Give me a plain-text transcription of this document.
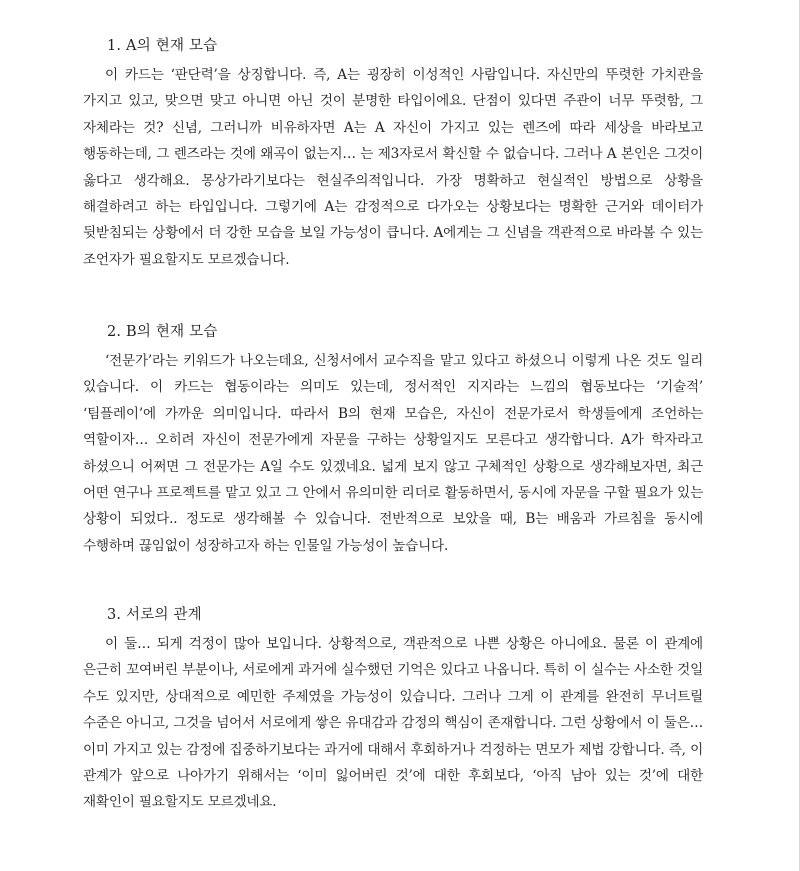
1. A의 현재 모습

이 카드는 ‘판단력’을 상징합니다. 즉, A는 굉장히 이성적인 사람입니다. 자신만의 뚜렷한 가치관을 가지고 있고, 맞으면 맞고 아니면 아닌 것이 분명한 타입이에요. 단점이 있다면 주관이 너무 뚜렷함, 그 자체라는 것? 신념, 그러니까 비유하자면 A는 A 자신이 가지고 있는 렌즈에 따라 세상을 바라보고 행동하는데, 그 렌즈라는 것에 왜곡이 없는지… 는 제3자로서 확신할 수 없습니다. 그러나 A 본인은 그것이 옳다고 생각해요. 몽상가라기보다는 현실주의적입니다. 가장 명확하고 현실적인 방법으로 상황을 해결하려고 하는 타입입니다. 그렇기에 A는 감정적으로 다가오는 상황보다는 명확한 근거와 데이터가 뒷받침되는 상황에서 더 강한 모습을 보일 가능성이 큽니다. A에게는 그 신념을 객관적으로 바라볼 수 있는 조언자가 필요할지도 모르겠습니다.

2. B의 현재 모습

‘전문가’라는 키워드가 나오는데요, 신청서에서 교수직을 맡고 있다고 하셨으니 이렇게 나온 것도 일리 있습니다. 이 카드는 협동이라는 의미도 있는데, 정서적인 지지라는 느낌의 협동보다는 ‘기술적’ ‘팀플레이’에 가까운 의미입니다. 따라서 B의 현재 모습은, 자신이 전문가로서 학생들에게 조언하는 역할이자… 오히려 자신이 전문가에게 자문을 구하는 상황일지도 모른다고 생각합니다. A가 학자라고 하셨으니 어쩌면 그 전문가는 A일 수도 있겠네요. 넓게 보지 않고 구체적인 상황으로 생각해보자면, 최근 어떤 연구나 프로젝트를 맡고 있고 그 안에서 유의미한 리더로 활동하면서, 동시에 자문을 구할 필요가 있는 상황이 되었다.. 정도로 생각해볼 수 있습니다. 전반적으로 보았을 때, B는 배움과 가르침을 동시에 수행하며 끊임없이 성장하고자 하는 인물일 가능성이 높습니다.

3. 서로의 관계

이 둘… 되게 걱정이 많아 보입니다. 상황적으로, 객관적으로 나쁜 상황은 아니에요. 물론 이 관계에 은근히 꼬여버린 부분이나, 서로에게 과거에 실수했던 기억은 있다고 나옵니다. 특히 이 실수는 사소한 것일 수도 있지만, 상대적으로 예민한 주제였을 가능성이 있습니다. 그러나 그게 이 관계를 완전히 무너트릴 수준은 아니고, 그것을 넘어서 서로에게 쌓은 유대감과 감정의 핵심이 존재합니다. 그런 상황에서 이 둘은… 이미 가지고 있는 감정에 집중하기보다는 과거에 대해서 후회하거나 걱정하는 면모가 제법 강합니다. 즉, 이 관계가 앞으로 나아가기 위해서는 ‘이미 잃어버린 것’에 대한 후회보다, ‘아직 남아 있는 것’에 대한 재확인이 필요할지도 모르겠네요.
